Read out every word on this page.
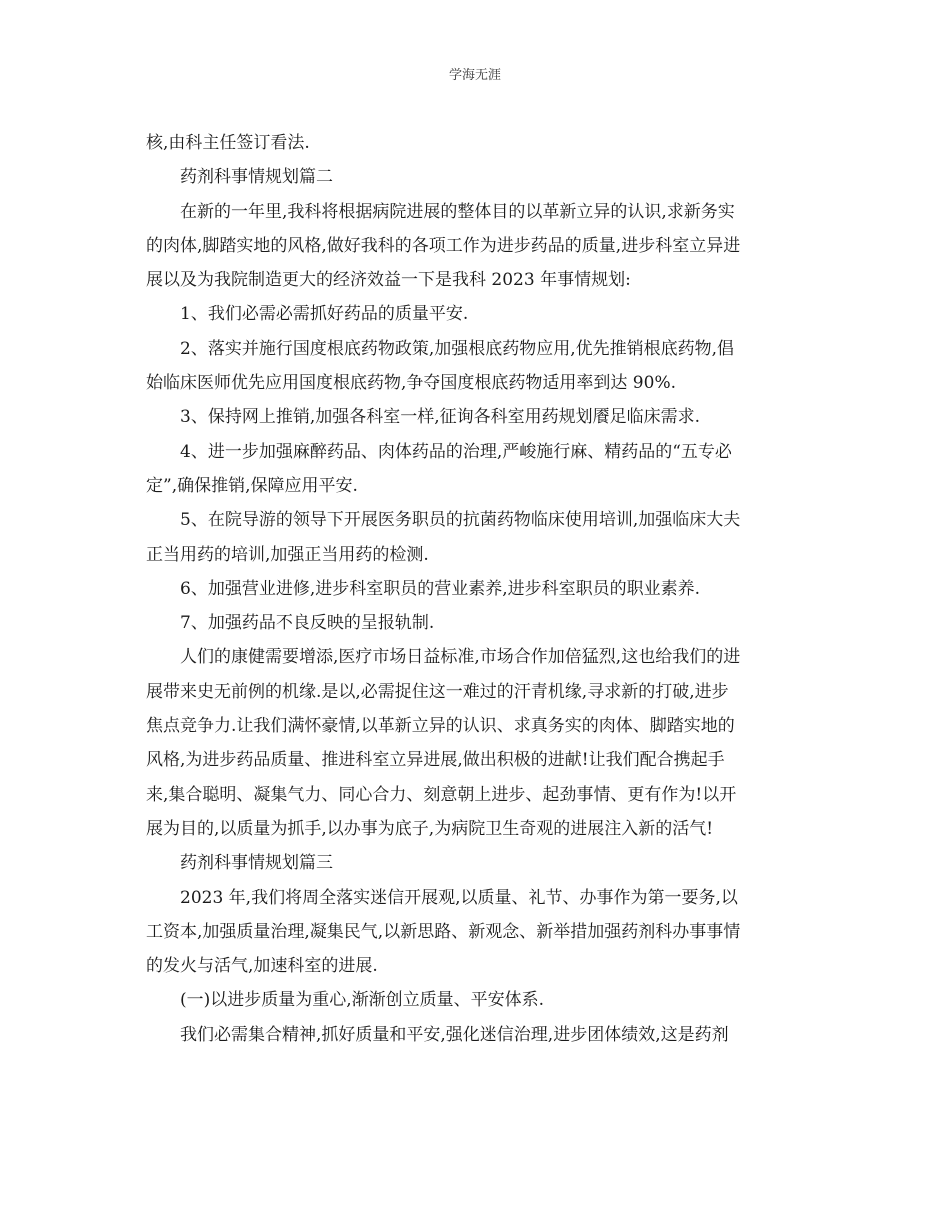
学海无涯
核,由科主任签订看法.
药剂科事情规划篇二
在新的一年里,我科将根据病院进展的整体目的以革新立异的认识,求新务实
的肉体,脚踏实地的风格,做好我科的各项工作为进步药品的质量,进步科室立异进
展以及为我院制造更大的经济效益一下是我科 2023 年事情规划:
1、我们必需必需抓好药品的质量平安.
2、落实并施行国度根底药物政策,加强根底药物应用,优先推销根底药物,倡
始临床医师优先应用国度根底药物,争夺国度根底药物适用率到达 90%.
3、保持网上推销,加强各科室一样,征询各科室用药规划餍足临床需求.
4、进一步加强麻醉药品、肉体药品的治理,严峻施行麻、精药品的“五专必
定”,确保推销,保障应用平安.
5、在院导游的领导下开展医务职员的抗菌药物临床使用培训,加强临床大夫
正当用药的培训,加强正当用药的检测.
6、加强营业进修,进步科室职员的营业素养,进步科室职员的职业素养.
7、加强药品不良反映的呈报轨制.
人们的康健需要增添,医疗市场日益标准,市场合作加倍猛烈,这也给我们的进
展带来史无前例的机缘.是以,必需捉住这一难过的汗青机缘,寻求新的打破,进步
焦点竞争力.让我们满怀豪情,以革新立异的认识、求真务实的肉体、脚踏实地的
风格,为进步药品质量、推进科室立异进展,做出积极的进献!让我们配合携起手
来,集合聪明、凝集气力、同心合力、刻意朝上进步、起劲事情、更有作为!以开
展为目的,以质量为抓手,以办事为底子,为病院卫生奇观的进展注入新的活气!
药剂科事情规划篇三
2023 年,我们将周全落实迷信开展观,以质量、礼节、办事作为第一要务,以
工资本,加强质量治理,凝集民气,以新思路、新观念、新举措加强药剂科办事事情
的发火与活气,加速科室的进展.
(一)以进步质量为重心,渐渐创立质量、平安体系.
我们必需集合精神,抓好质量和平安,强化迷信治理,进步团体绩效,这是药剂
